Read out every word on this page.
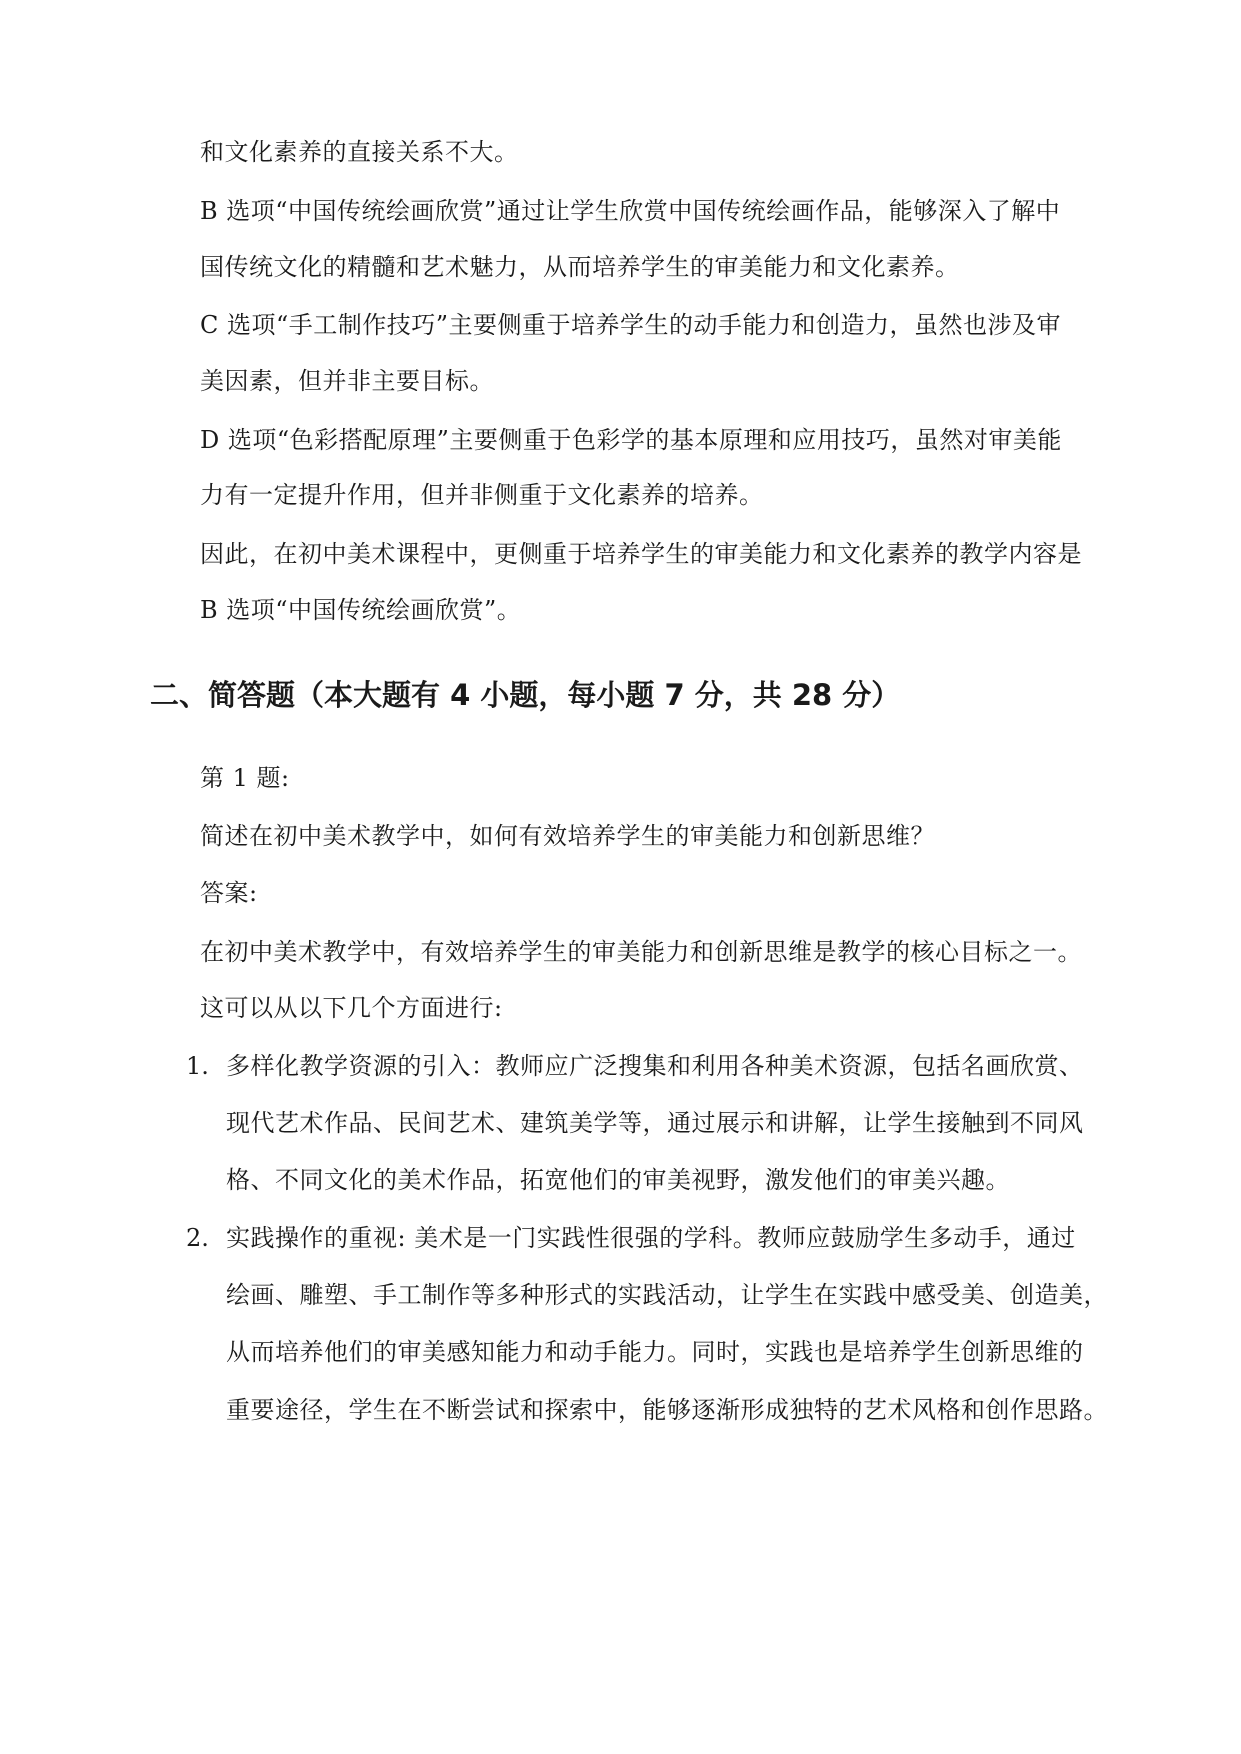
和文化素养的直接关系不大。
B 选项“中国传统绘画欣赏”通过让学生欣赏中国传统绘画作品，能够深入了解中
国传统文化的精髓和艺术魅力，从而培养学生的审美能力和文化素养。
C 选项“手工制作技巧”主要侧重于培养学生的动手能力和创造力，虽然也涉及审
美因素，但并非主要目标。
D 选项“色彩搭配原理”主要侧重于色彩学的基本原理和应用技巧，虽然对审美能
力有一定提升作用，但并非侧重于文化素养的培养。
因此，在初中美术课程中，更侧重于培养学生的审美能力和文化素养的教学内容是
B 选项“中国传统绘画欣赏”。
二、简答题（本大题有 4 小题，每小题 7 分，共 28 分）
第 1 题:
简述在初中美术教学中，如何有效培养学生的审美能力和创新思维？
答案:
在初中美术教学中，有效培养学生的审美能力和创新思维是教学的核心目标之一。
这可以从以下几个方面进行:
1. 多样化教学资源的引入：教师应广泛搜集和利用各种美术资源，包括名画欣赏、
现代艺术作品、民间艺术、建筑美学等，通过展示和讲解，让学生接触到不同风
格、不同文化的美术作品，拓宽他们的审美视野，激发他们的审美兴趣。
2. 实践操作的重视: 美术是一门实践性很强的学科。教师应鼓励学生多动手，通过
绘画、雕塑、手工制作等多种形式的实践活动，让学生在实践中感受美、创造美，
从而培养他们的审美感知能力和动手能力。同时，实践也是培养学生创新思维的
重要途径，学生在不断尝试和探索中，能够逐渐形成独特的艺术风格和创作思路。
